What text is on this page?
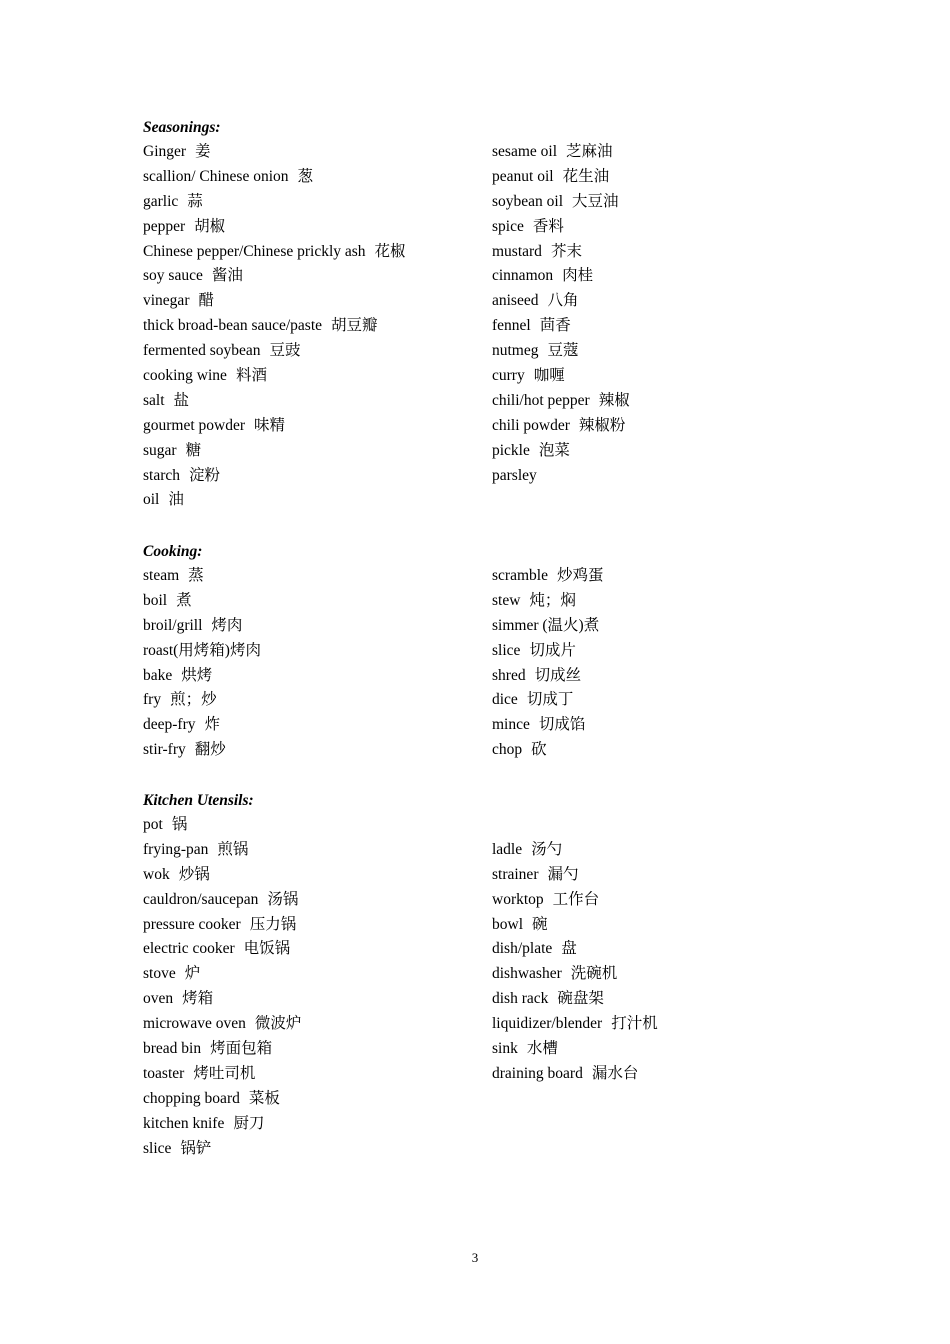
Seasonings:
Ginger 姜
scallion/ Chinese onion 葱
garlic 蒜
pepper 胡椒
Chinese pepper/Chinese prickly ash 花椒
soy sauce 酱油
vinegar 醋
thick broad-bean sauce/paste 胡豆瓣
fermented soybean 豆豉
cooking wine 料酒
salt 盐
gourmet powder 味精
sugar 糖
starch 淀粉
oil 油
sesame oil 芝麻油
peanut oil 花生油
soybean oil 大豆油
spice 香料
mustard 芥末
cinnamon 肉桂
aniseed 八角
fennel 茴香
nutmeg 豆蔻
curry 咖喱
chili/hot pepper 辣椒
chili powder 辣椒粉
pickle 泡菜
parsley
Cooking:
steam 蒸
boil 煮
broil/grill 烤肉
roast(用烤箱)烤肉
bake 烘烤
fry 煎；炒
deep-fry 炸
stir-fry 翻炒
scramble 炒鸡蛋
stew 炖；焖
simmer (温火)煮
slice 切成片
shred 切成丝
dice 切成丁
mince 切成馅
chop 砍
Kitchen Utensils:
pot 锅
frying-pan 煎锅
wok 炒锅
cauldron/saucepan 汤锅
pressure cooker 压力锅
electric cooker 电饭锅
stove 炉
oven 烤箱
microwave oven 微波炉
bread bin 烤面包箱
toaster 烤吐司机
chopping board 菜板
kitchen knife 厨刀
slice 锅铲
ladle 汤勺
strainer 漏勺
worktop 工作台
bowl 碗
dish/plate 盘
dishwasher 洗碗机
dish rack 碗盘架
liquidizer/blender 打汁机
sink 水槽
draining board 漏水台
3
